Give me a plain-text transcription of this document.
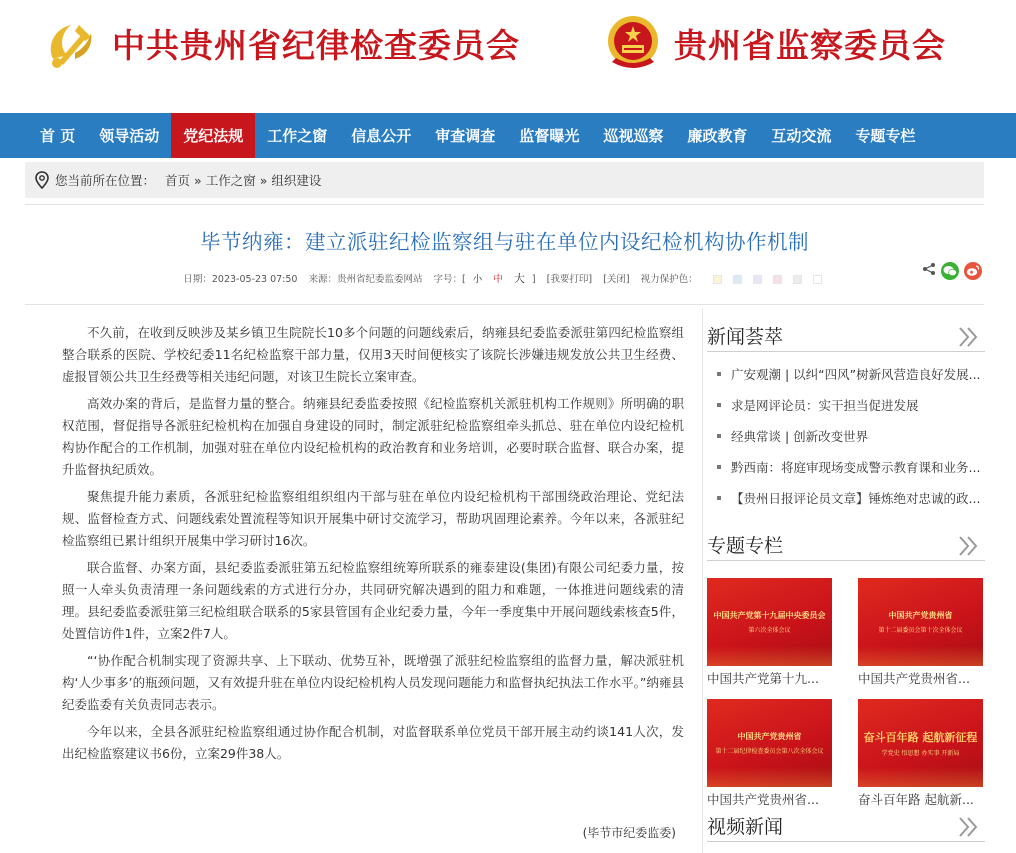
中共贵州省纪律检查委员会	贵州省监察委员会
首 页	领导活动	党纪法规	工作之窗	信息公开	审查调查	监督曝光	巡视巡察	廉政教育	互动交流	专题专栏
您当前所在位置： 首页 » 工作之窗 » 组织建设
毕节纳雍：建立派驻纪检监察组与驻在单位内设纪检机构协作机制
日期：2023-05-23 07:50 来源：贵州省纪委监委网站 字号：[ 小 中 大 ] [我要打印] [关闭] 视力保护色：

不久前，在收到反映涉及某乡镇卫生院院长10多个问题的问题线索后，纳雍县纪委监委派驻第四纪检监察组整合联系的医院、学校纪委11名纪检监察干部力量，仅用3天时间便核实了该院长涉嫌违规发放公共卫生经费、虚报冒领公共卫生经费等相关违纪问题，对该卫生院长立案审查。

高效办案的背后，是监督力量的整合。纳雍县纪委监委按照《纪检监察机关派驻机构工作规则》所明确的职权范围，督促指导各派驻纪检机构在加强自身建设的同时，制定派驻纪检监察组牵头抓总、驻在单位内设纪检机构协作配合的工作机制，加强对驻在单位内设纪检机构的政治教育和业务培训，必要时联合监督、联合办案，提升监督执纪质效。

聚焦提升能力素质，各派驻纪检监察组组织组内干部与驻在单位内设纪检机构干部围绕政治理论、党纪法规、监督检查方式、问题线索处置流程等知识开展集中研讨交流学习，帮助巩固理论素养。今年以来，各派驻纪检监察组已累计组织开展集中学习研讨16次。

联合监督、办案方面，县纪委监委派驻第五纪检监察组统筹所联系的雍泰建设(集团)有限公司纪委力量，按照一人牵头负责清理一条问题线索的方式进行分办，共同研究解决遇到的阻力和难题，一体推进问题线索的清理。县纪委监委派驻第三纪检组联合联系的5家县管国有企业纪委力量，今年一季度集中开展问题线索核查5件，处置信访件1件，立案2件7人。

“‘协作配合机制实现了资源共享、上下联动、优势互补，既增强了派驻纪检监察组的监督力量，解决派驻机构‘人少事多’的瓶颈问题，又有效提升驻在单位内设纪检机构人员发现问题能力和监督执纪执法工作水平。”纳雍县纪委监委有关负责同志表示。

今年以来，全县各派驻纪检监察组通过协作配合机制，对监督联系单位党员干部开展主动约谈141人次，发出纪检监察建议书6份，立案29件38人。

(毕节市纪委监委)
新闻荟萃
广安观潮 | 以纠“四风”树新风营造良好发展...
求是网评论员：实干担当促进发展
经典常谈 | 创新改变世界
黔西南：将庭审现场变成警示教育课和业务...
【贵州日报评论员文章】锤炼绝对忠诚的政...
专题专栏
中国共产党第十九届中央委员会
第六次全体会议
中国共产党第十九...
中国共产党贵州省
第十二届委员会第十次全体会议
中国共产党贵州省...
中国共产党贵州省
第十二届纪律检查委员会第八次全体会议
中国共产党贵州省...
奋斗百年路 起航新征程
学党史 悟思想 办实事 开新局
奋斗百年路 起航新...
视频新闻
